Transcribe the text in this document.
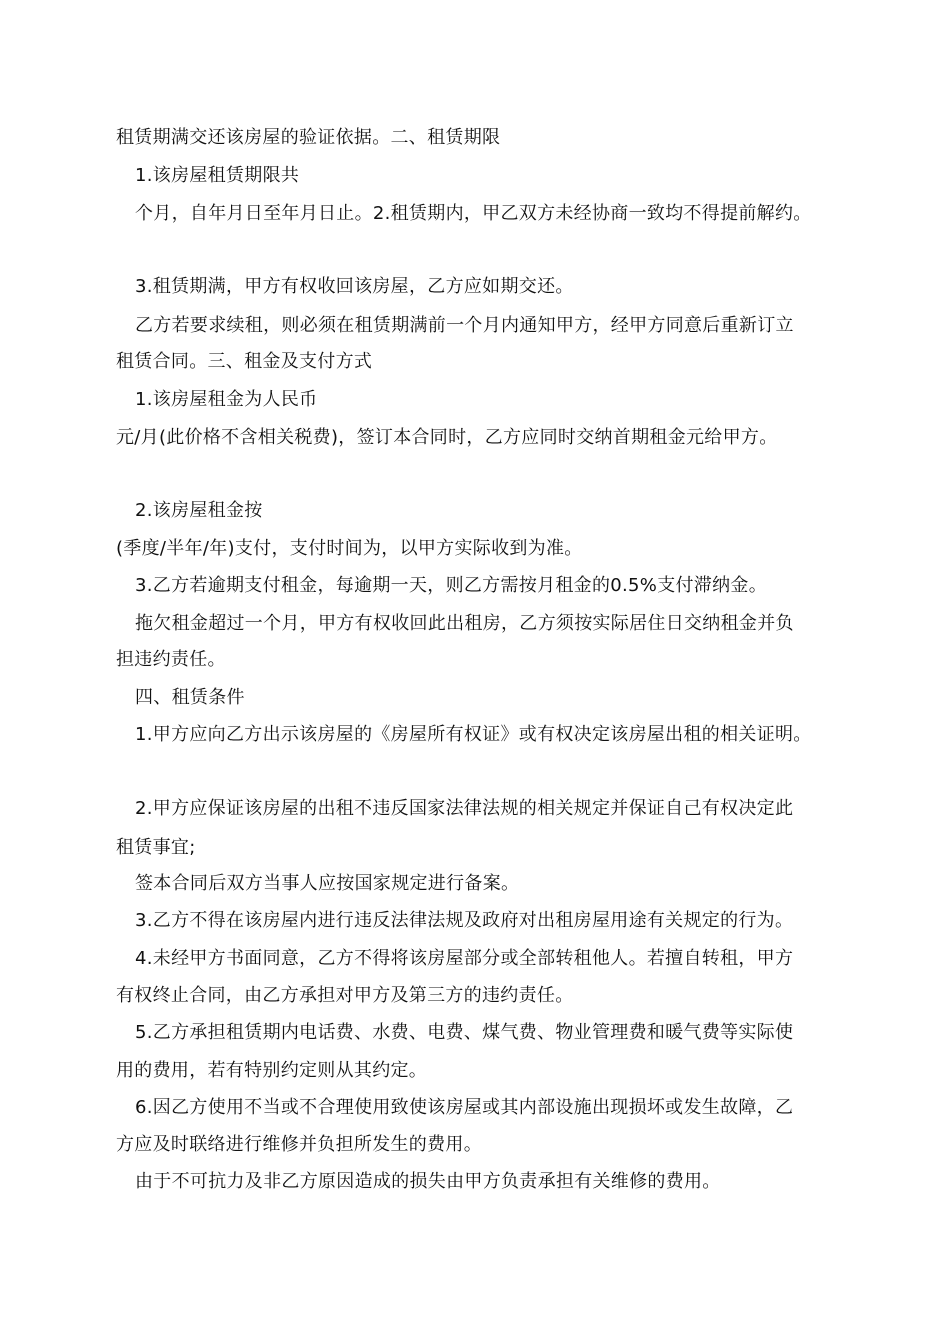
租赁期满交还该房屋的验证依据。二、租赁期限
1.该房屋租赁期限共
个月，自年月日至年月日止。2.租赁期内，甲乙双方未经协商一致均不得提前解约。
3.租赁期满，甲方有权收回该房屋，乙方应如期交还。
乙方若要求续租，则必须在租赁期满前一个月内通知甲方，经甲方同意后重新订立
租赁合同。三、租金及支付方式
1.该房屋租金为人民币
元/月(此价格不含相关税费)，签订本合同时，乙方应同时交纳首期租金元给甲方。
2.该房屋租金按
(季度/半年/年)支付，支付时间为，以甲方实际收到为准。
3.乙方若逾期支付租金，每逾期一天，则乙方需按月租金的0.5%支付滞纳金。
拖欠租金超过一个月，甲方有权收回此出租房，乙方须按实际居住日交纳租金并负
担违约责任。
四、租赁条件
1.甲方应向乙方出示该房屋的《房屋所有权证》或有权决定该房屋出租的相关证明。
2.甲方应保证该房屋的出租不违反国家法律法规的相关规定并保证自己有权决定此
租赁事宜;
签本合同后双方当事人应按国家规定进行备案。
3.乙方不得在该房屋内进行违反法律法规及政府对出租房屋用途有关规定的行为。
4.未经甲方书面同意，乙方不得将该房屋部分或全部转租他人。若擅自转租，甲方
有权终止合同，由乙方承担对甲方及第三方的违约责任。
5.乙方承担租赁期内电话费、水费、电费、煤气费、物业管理费和暖气费等实际使
用的费用，若有特别约定则从其约定。
6.因乙方使用不当或不合理使用致使该房屋或其内部设施出现损坏或发生故障，乙
方应及时联络进行维修并负担所发生的费用。
由于不可抗力及非乙方原因造成的损失由甲方负责承担有关维修的费用。
